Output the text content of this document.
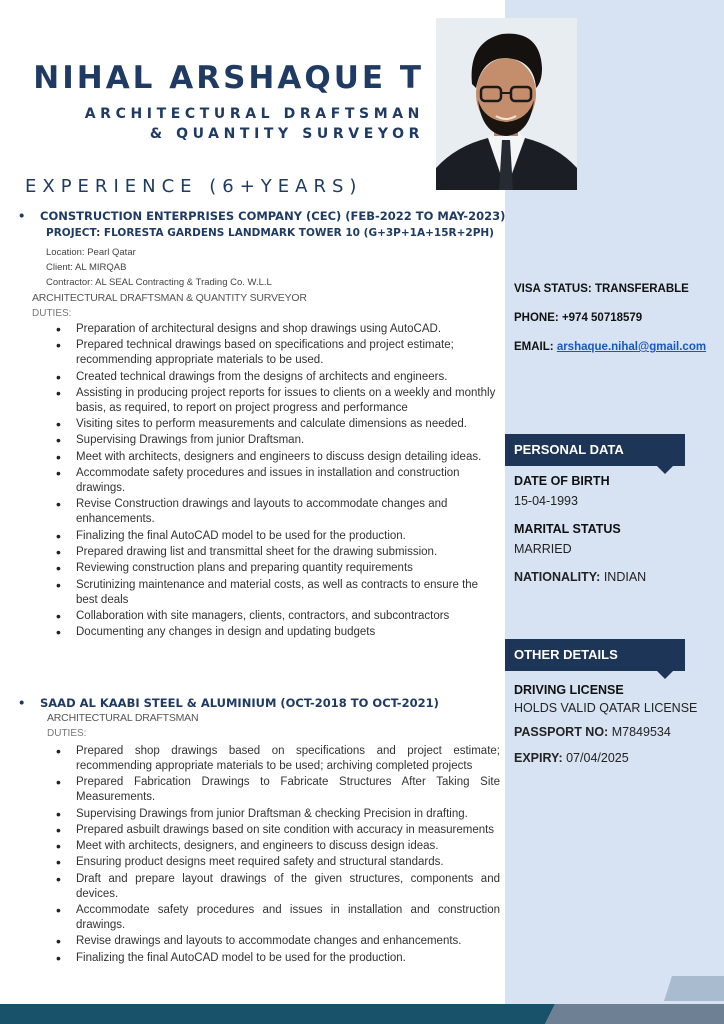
NIHAL ARSHAQUE T
ARCHITECTURAL DRAFTSMAN
& QUANTITY SURVEYOR
EXPERIENCE (6+YEARS)
• CONSTRUCTION ENTERPRISES COMPANY (CEC) (FEB-2022 TO MAY-2023)
PROJECT: FLORESTA GARDENS LANDMARK TOWER 10 (G+3P+1A+15R+2PH)
Location: Pearl Qatar
Client: AL MIRQAB
Contractor: AL SEAL Contracting & Trading Co. W.L.L
ARCHITECTURAL DRAFTSMAN & QUANTITY SURVEYOR
DUTIES:
• Preparation of architectural designs and shop drawings using AutoCAD.
• Prepared technical drawings based on specifications and project estimate; recommending appropriate materials to be used.
• Created technical drawings from the designs of architects and engineers.
• Assisting in producing project reports for issues to clients on a weekly and monthly basis, as required, to report on project progress and performance
• Visiting sites to perform measurements and calculate dimensions as needed.
• Supervising Drawings from junior Draftsman.
• Meet with architects, designers and engineers to discuss design detailing ideas.
• Accommodate safety procedures and issues in installation and construction drawings.
• Revise Construction drawings and layouts to accommodate changes and enhancements.
• Finalizing the final AutoCAD model to be used for the production.
• Prepared drawing list and transmittal sheet for the drawing submission.
• Reviewing construction plans and preparing quantity requirements
• Scrutinizing maintenance and material costs, as well as contracts to ensure the best deals
• Collaboration with site managers, clients, contractors, and subcontractors
• Documenting any changes in design and updating budgets
• SAAD AL KAABI STEEL & ALUMINIUM (OCT-2018 TO OCT-2021)
ARCHITECTURAL DRAFTSMAN
DUTIES:
• Prepared shop drawings based on specifications and project estimate; recommending appropriate materials to be used; archiving completed projects
• Prepared Fabrication Drawings to Fabricate Structures After Taking Site Measurements.
• Supervising Drawings from junior Draftsman & checking Precision in drafting.
• Prepared asbuilt drawings based on site condition with accuracy in measurements
• Meet with architects, designers, and engineers to discuss design ideas.
• Ensuring product designs meet required safety and structural standards.
• Draft and prepare layout drawings of the given structures, components and devices.
• Accommodate safety procedures and issues in installation and construction drawings.
• Revise drawings and layouts to accommodate changes and enhancements.
• Finalizing the final AutoCAD model to be used for the production.
VISA STATUS: TRANSFERABLE
PHONE: +974 50718579
EMAIL: arshaque.nihal@gmail.com
PERSONAL DATA
DATE OF BIRTH
15-04-1993
MARITAL STATUS
MARRIED
NATIONALITY: INDIAN
OTHER DETAILS
DRIVING LICENSE
HOLDS VALID QATAR LICENSE
PASSPORT NO: M7849534
EXPIRY: 07/04/2025
